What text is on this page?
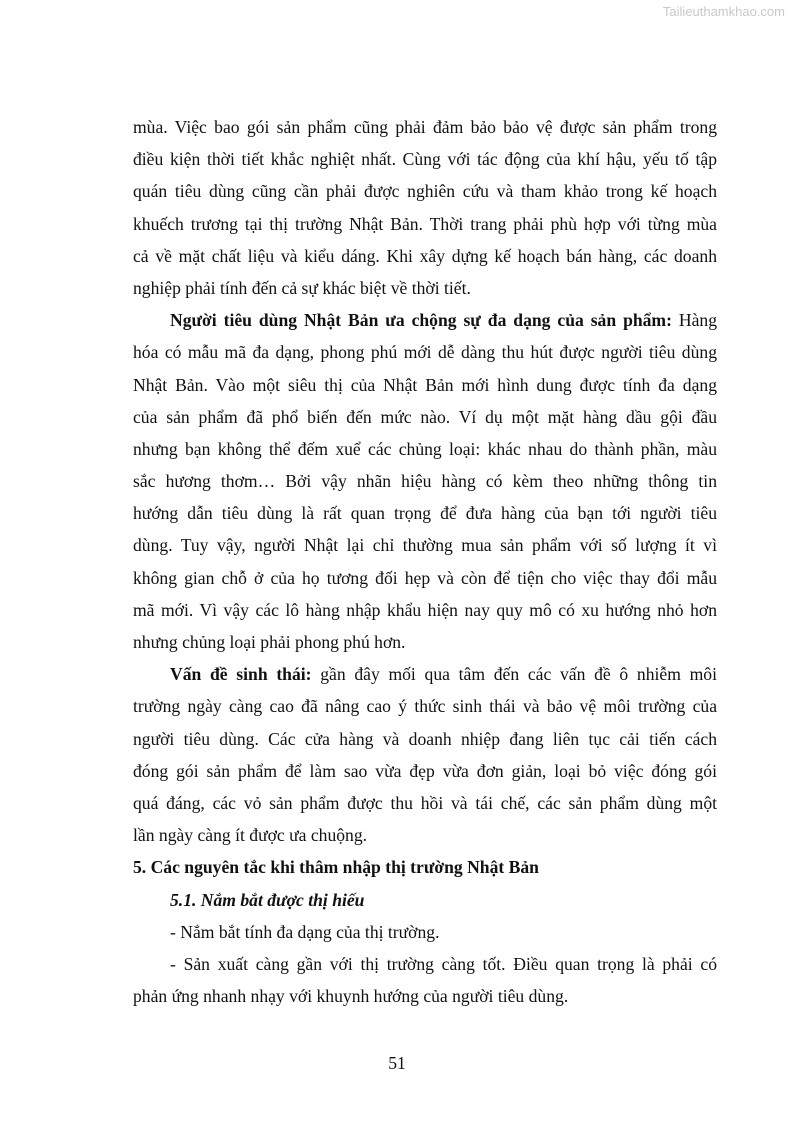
Tailieuthamkhao.com
mùa. Việc bao gói sản phẩm cũng phải đảm bảo bảo vệ được sản phẩm trong
điều kiện thời tiết khắc nghiệt nhất. Cùng với tác động của khí hậu, yếu tố tập
quán tiêu dùng cũng cần phải được nghiên cứu và tham khảo trong kế hoạch
khuếch trương tại thị trường Nhật Bản. Thời trang phải phù hợp với từng mùa
cả về mặt chất liệu và kiểu dáng. Khi xây dựng kế hoạch bán hàng, các doanh
nghiệp phải tính đến cả sự khác biệt về thời tiết.
Người tiêu dùng Nhật Bản ưa chộng sự đa dạng của sản phẩm: Hàng
hóa có mẫu mã đa dạng, phong phú mới dễ dàng thu hút được người tiêu dùng
Nhật Bản. Vào một siêu thị của Nhật Bản mới hình dung được tính đa dạng
của sản phẩm đã phổ biến đến mức nào. Ví dụ một mặt hàng dầu gội đầu
nhưng bạn không thể đếm xuể các chủng loại: khác nhau do thành phần, màu
sắc hương thơm… Bởi vậy nhãn hiệu hàng có kèm theo những thông tin
hướng dẫn tiêu dùng là rất quan trọng để đưa hàng của bạn tới người tiêu
dùng. Tuy vậy, người Nhật lại chỉ thường mua sản phẩm với số lượng ít vì
không gian chỗ ở của họ tương đối hẹp và còn để tiện cho việc thay đổi mẫu
mã mới. Vì vậy các lô hàng nhập khẩu hiện nay quy mô có xu hướng nhỏ hơn
nhưng chủng loại phải phong phú hơn.
Vấn đề sinh thái: gần đây mối qua tâm đến các vấn đề ô nhiễm môi
trường ngày càng cao đã nâng cao ý thức sinh thái và bảo vệ môi trường của
người tiêu dùng. Các cửa hàng và doanh nhiệp đang liên tục cải tiến cách
đóng gói sản phẩm để làm sao vừa đẹp vừa đơn giản, loại bỏ việc đóng gói
quá đáng, các vỏ sản phẩm được thu hồi và tái chế, các sản phẩm dùng một
lần ngày càng ít được ưa chuộng.
5. Các nguyên tắc khi thâm nhập thị trường Nhật Bản
5.1. Nắm bắt được thị hiếu
- Nắm bắt tính đa dạng của thị trường.
- Sản xuất càng gần với thị trường càng tốt. Điều quan trọng là phải có
phản ứng nhanh nhạy với khuynh hướng của người tiêu dùng.
51
